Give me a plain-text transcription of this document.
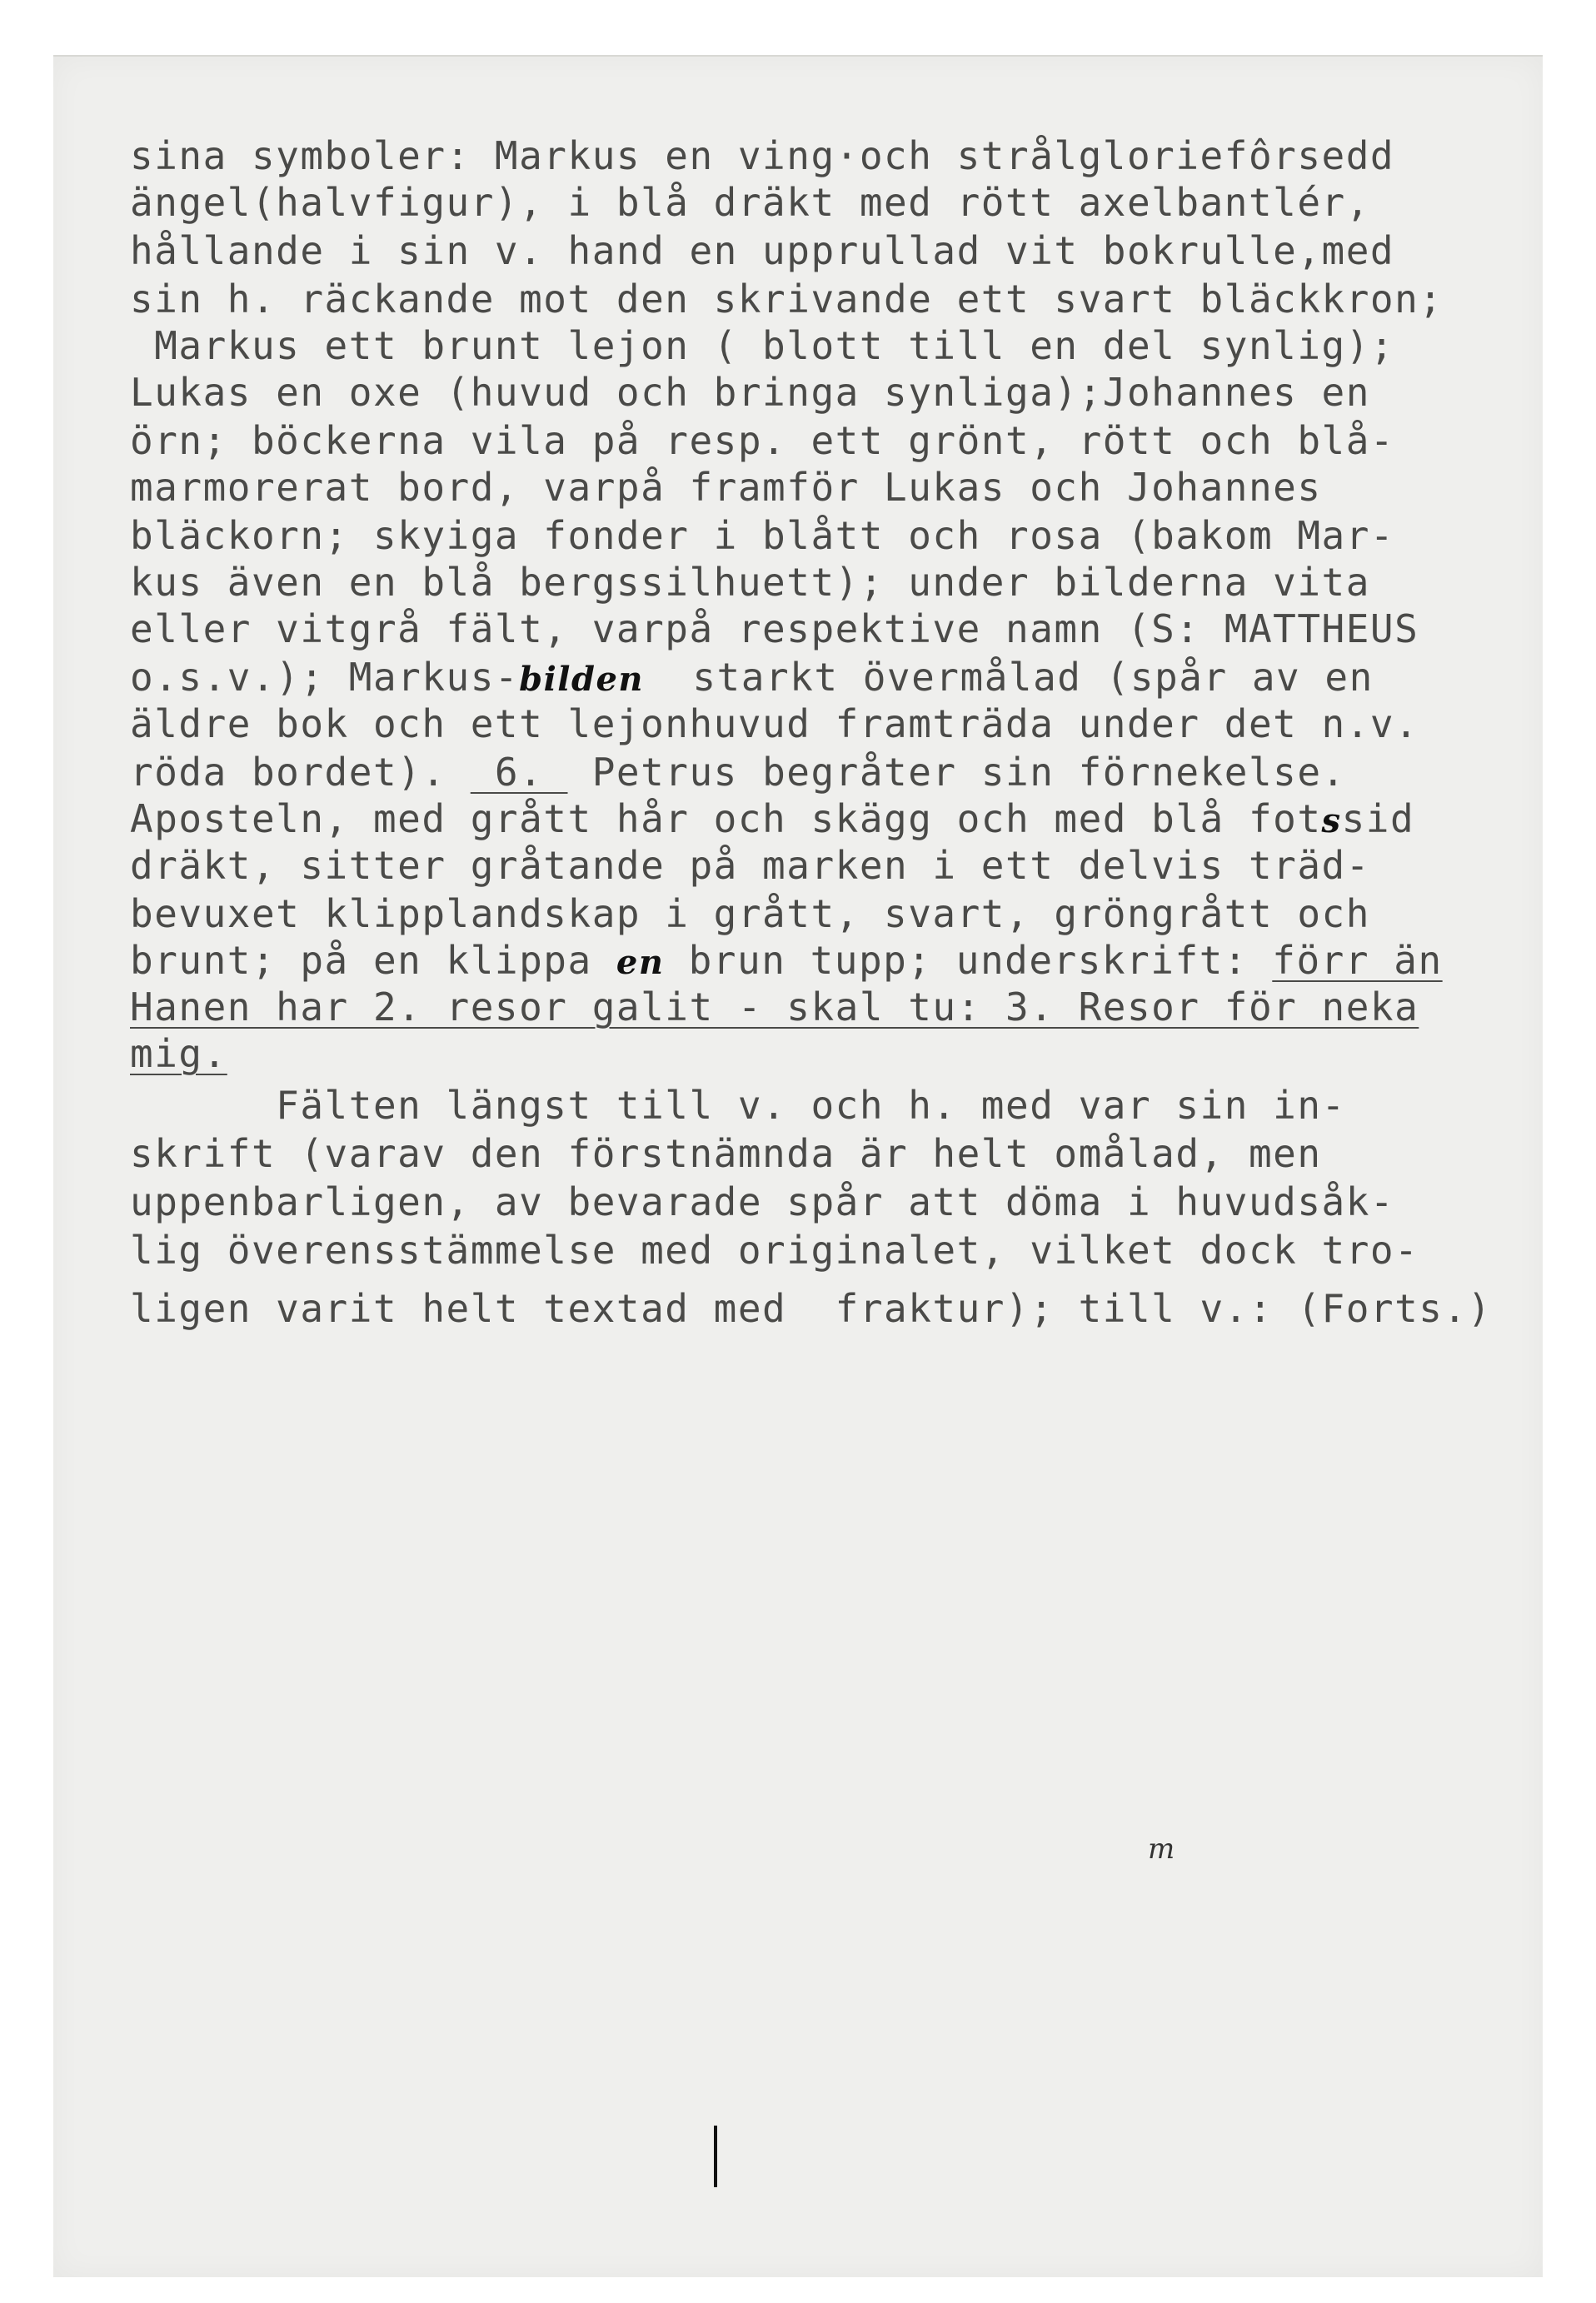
sina symboler: Markus en ving·och strålgloriefôrsedd
ängel(halvfigur), i blå dräkt med rött axelbantlér,
hållande i sin v. hand en upprullad vit bokrulle,med
sin h. räckande mot den skrivande ett svart bläckkron;
Markus ett brunt lejon ( blott till en del synlig);
Lukas en oxe (huvud och bringa synliga);Johannes en
örn; böckerna vila på resp. ett grönt, rött och blå-
marmorerat bord, varpå framför Lukas och Johannes
bläckorn; skyiga fonder i blått och rosa (bakom Mar-
kus även en blå bergssilhuett); under bilderna vita
eller vitgrå fält, varpå respektive namn (S: MATTHEUS
o.s.v.); Markus-bilden  starkt övermålad (spår av en
äldre bok och ett lejonhuvud framträda under det n.v.
röda bordet).  6.  Petrus begråter sin förnekelse.
Aposteln, med grått hår och skägg och med blå fotssid
dräkt, sitter gråtande på marken i ett delvis träd-
bevuxet klipplandskap i grått, svart, gröngrått och
brunt; på en klippa en brun tupp; underskrift: förr än
Hanen har 2. resor galit - skal tu: 3. Resor för neka
mig.
Fälten längst till v. och h. med var sin in-
skrift (varav den förstnämnda är helt omålad, men
uppenbarligen, av bevarade spår att döma i huvudsåk-
lig överensstämmelse med originalet, vilket dock tro-
ligen varit helt textad med  fraktur); till v.: (Forts.)
m
